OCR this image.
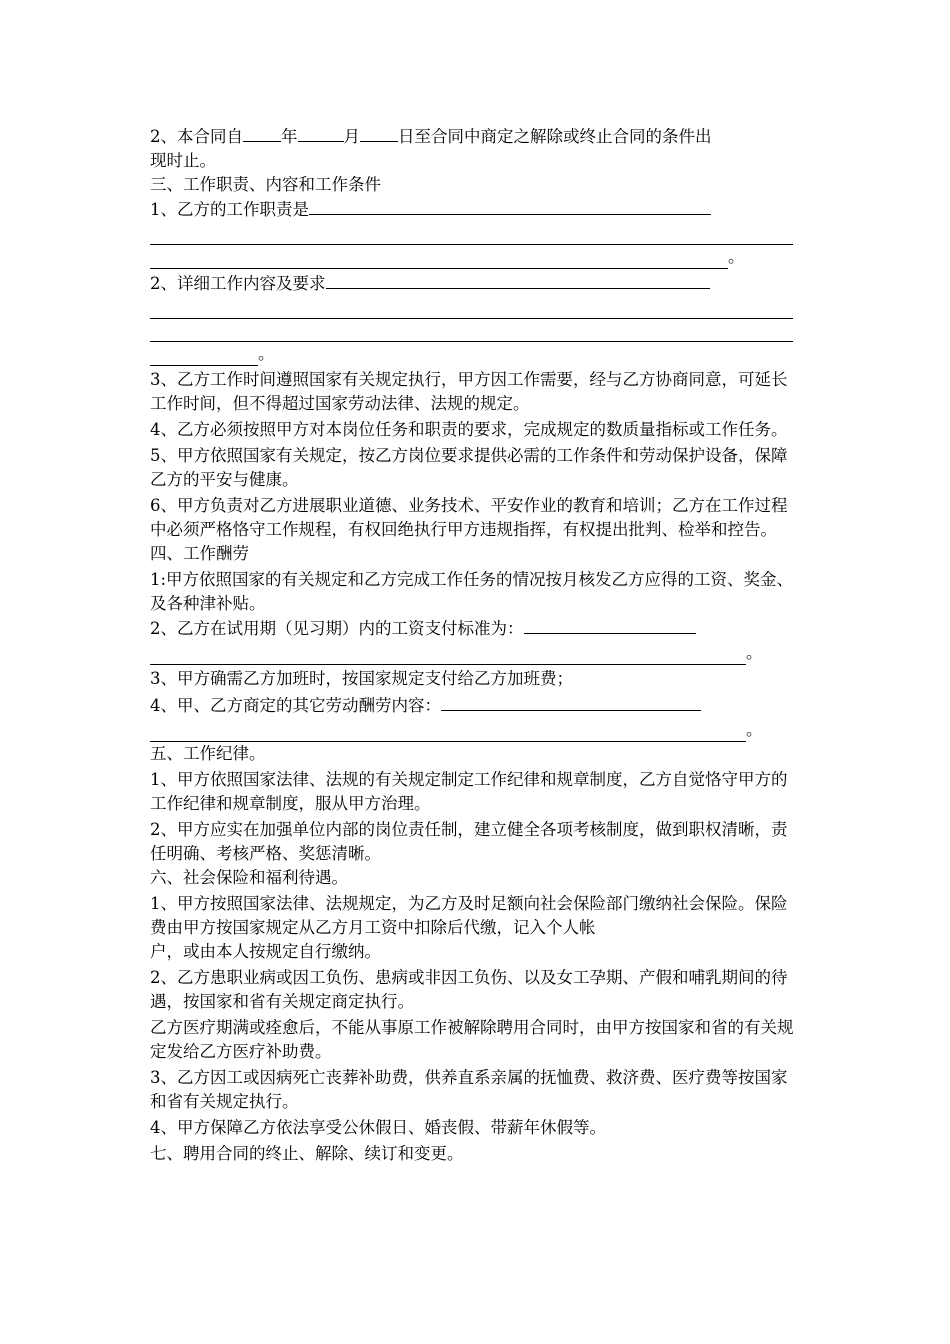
2、本合同自 年	月 日至合同中商定之解除或终止合同的条件出

现时止。

三、工作职责、内容和工作条件

1、乙方的工作职责是

。

2、详细工作内容及要求

。

3、乙方工作时间遵照国家有关规定执行，甲方因工作需要，经与乙方协商同意，可延长工作时间，但不得超过国家劳动法律、法规的规定。

4、乙方必须按照甲方对本岗位任务和职责的要求，完成规定的数质量指标或工作任务。

5、甲方依照国家有关规定，按乙方岗位要求提供必需的工作条件和劳动保护设备，保障乙方的平安与健康。

6、甲方负责对乙方进展职业道德、业务技术、平安作业的教育和培训；乙方在工作过程中必须严格恪守工作规程，有权回绝执行甲方违规指挥，有权提出批判、检举和控告。

四、工作酬劳

1:甲方依照国家的有关规定和乙方完成工作任务的情况按月核发乙方应得的工资、奖金、及各种津补贴。

2、乙方在试用期（见习期）内的工资支付标准为：

。

3、甲方确需乙方加班时，按国家规定支付给乙方加班费；

4、甲、乙方商定的其它劳动酬劳内容：

。

五、工作纪律。

1、甲方依照国家法律、法规的有关规定制定工作纪律和规章制度，乙方自觉恪守甲方的工作纪律和规章制度，服从甲方治理。

2、甲方应实在加强单位内部的岗位责任制，建立健全各项考核制度，做到职权清晰，责任明确、考核严格、奖惩清晰。

六、社会保险和福利待遇。

1、甲方按照国家法律、法规规定，为乙方及时足额向社会保险部门缴纳社会保险。保险费由甲方按国家规定从乙方月工资中扣除后代缴，记入个人帐

户，或由本人按规定自行缴纳。

2、乙方患职业病或因工负伤、患病或非因工负伤、以及女工孕期、产假和哺乳期间的待遇，按国家和省有关规定商定执行。

乙方医疗期满或痊愈后，不能从事原工作被解除聘用合同时，由甲方按国家和省的有关规定发给乙方医疗补助费。

3、乙方因工或因病死亡丧葬补助费，供养直系亲属的抚恤费、救济费、医疗费等按国家和省有关规定执行。

4、甲方保障乙方依法享受公休假日、婚丧假、带薪年休假等。

七、聘用合同的终止、解除、续订和变更。
